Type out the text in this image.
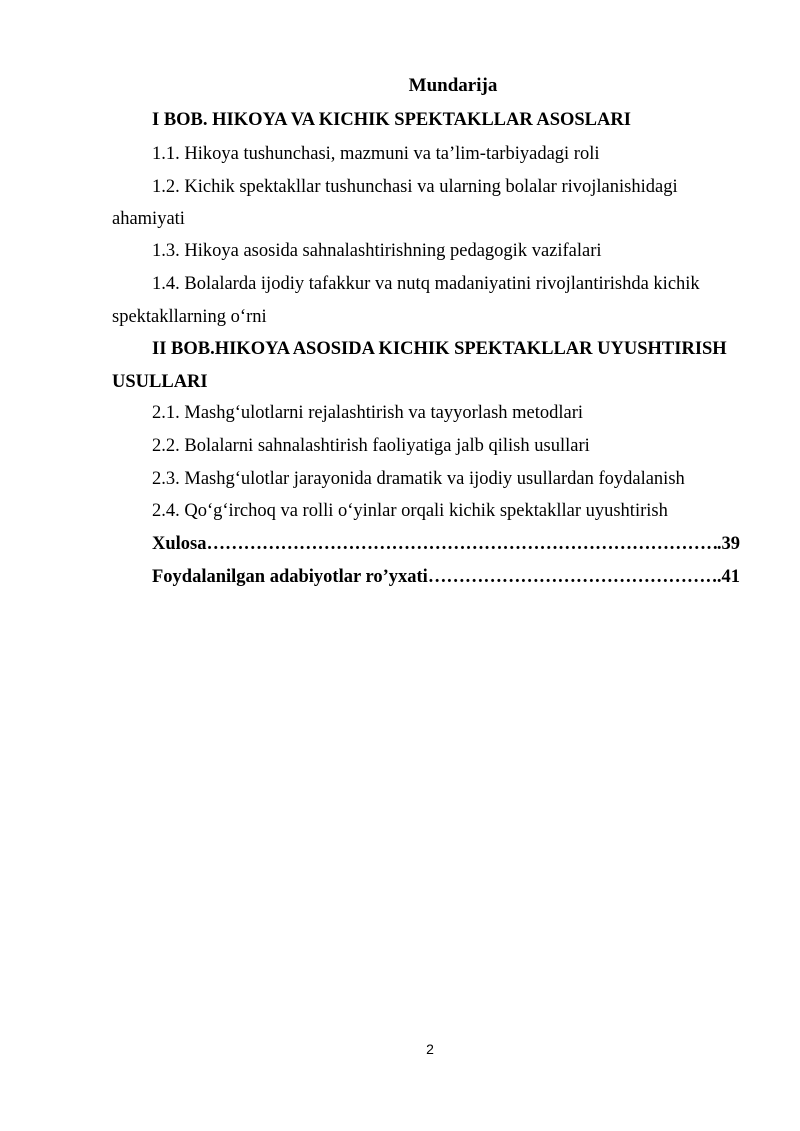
Mundarija
I BOB. HIKOYA VA KICHIK SPEKTAKLLAR ASOSLARI
1.1. Hikoya tushunchasi, mazmuni va ta’lim-tarbiyadagi roli
1.2. Kichik spektakllar tushunchasi va ularning bolalar rivojlanishidagi
ahamiyati
1.3. Hikoya asosida sahnalashtirishning pedagogik vazifalari
1.4. Bolalarda ijodiy tafakkur va nutq madaniyatini rivojlantirishda kichik
spektakllarning o‘rni
II BOB.HIKOYA ASOSIDA KICHIK SPEKTAKLLAR UYUSHTIRISH
USULLARI
2.1. Mashg‘ulotlarni rejalashtirish va tayyorlash metodlari
2.2. Bolalarni sahnalashtirish faoliyatiga jalb qilish usullari
2.3. Mashg‘ulotlar jarayonida dramatik va ijodiy usullardan foydalanish
2.4. Qo‘g‘irchoq va rolli o‘yinlar orqali kichik spektakllar uyushtirish
Xulosa ……………………………………………………………………………………………………………………………………………………………	.39
Foydalanilgan adabiyotlar ro’yxati ……………………………………………………………………………………………………………………………………………………………	..41
2
